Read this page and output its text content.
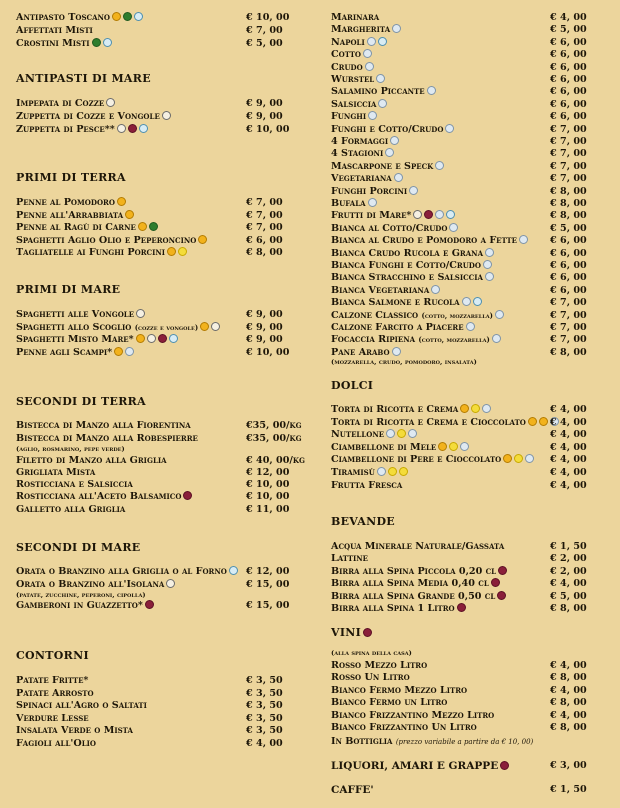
Antipasto Toscano	€ 10, 00
Affettati Misti	€ 7, 00
Crostini Misti	€ 5, 00
ANTIPASTI DI MARE
Impepata di Cozze	€ 9, 00
Zuppetta di Cozze e Vongole	€ 9, 00
Zuppetta di Pesce**	€ 10, 00
PRIMI DI TERRA
Penne al Pomodoro	€ 7, 00
Penne all'Arrabbiata	€ 7, 00
Penne al Ragù di Carne	€ 7, 00
Spaghetti Aglio Olio e Peperoncino	€ 6, 00
Tagliatelle ai Funghi Porcini	€ 8, 00
PRIMI DI MARE
Spaghetti alle Vongole	€ 9, 00
Spaghetti allo Scoglio (cozze e vongole)	€ 9, 00
Spaghetti Misto Mare*	€ 9, 00
Penne agli Scampi*	€ 10, 00
SECONDI DI TERRA
Bistecca di Manzo alla Fiorentina	€35, 00/kg
Bistecca di Manzo alla Robespierre	€35, 00/kg
Filetto di Manzo alla Griglia	€ 40, 00/kg
Grigliata Mista	€ 12, 00
Rosticciana e Salsiccia	€ 10, 00
Rosticciana all'Aceto Balsamico	€ 10, 00
Galletto alla Griglia	€ 11, 00
(aglio, rosmarino, pepe verde)
SECONDI DI MARE
Orata o Branzino alla Griglia o al Forno	€ 12, 00
Orata o Branzino all'Isolana	€ 15, 00
Gamberoni in Guazzetto*	€ 15, 00
(patate, zucchine, peperoni, cipolla)
CONTORNI
Patate Fritte*	€ 3, 50
Patate Arrosto	€ 3, 50
Spinaci all'Agro o Saltati	€ 3, 50
Verdure Lesse	€ 3, 50
Insalata Verde o Mista	€ 3, 50
Fagioli all'Olio	€ 4, 00
Marinara	€ 4, 00
Margherita	€ 5, 00
Napoli	€ 6, 00
Cotto	€ 6, 00
Crudo	€ 6, 00
Wurstel	€ 6, 00
Salamino Piccante	€ 6, 00
Salsiccia	€ 6, 00
Funghi	€ 6, 00
Funghi e Cotto/Crudo	€ 7, 00
4 Formaggi	€ 7, 00
4 Stagioni	€ 7, 00
Mascarpone e Speck	€ 7, 00
Vegetariana	€ 7, 00
Funghi Porcini	€ 8, 00
Bufala	€ 8, 00
Frutti di Mare*	€ 8, 00
Bianca al Cotto/Crudo	€ 5, 00
Bianca al Crudo e Pomodoro a Fette	€ 6, 00
Bianca Crudo Rucola e Grana	€ 6, 00
Bianca Funghi e Cotto/Crudo	€ 6, 00
Bianca Stracchino e Salsiccia	€ 6, 00
Bianca Vegetariana	€ 6, 00
Bianca Salmone e Rucola	€ 7, 00
Calzone Classico (cotto, mozzarella)	€ 7, 00
Calzone Farcito a Piacere	€ 7, 00
Focaccia Ripiena (cotto, mozzarella)	€ 7, 00
Pane Arabo	€ 8, 00
(mozzarella, crudo, pomodoro, insalata)
DOLCI
Torta di Ricotta e Crema	€ 4, 00
Torta di Ricotta e Crema e Cioccolato	€ 4, 00
Nutellone	€ 4, 00
Ciambellone di Mele	€ 4, 00
Ciambellone di Pere e Cioccolato	€ 4, 00
Tiramisù	€ 4, 00
Frutta Fresca	€ 4, 00
BEVANDE
Acqua Minerale Naturale/Gassata	€ 1, 50
Lattine	€ 2, 00
Birra alla Spina Piccola 0,20 cl	€ 2, 00
Birra alla Spina Media 0,40 cl	€ 4, 00
Birra alla Spina Grande 0,50 cl	€ 5, 00
Birra alla Spina 1 Litro	€ 8, 00
VINI
(alla spina della casa)
Rosso Mezzo Litro	€ 4, 00
Rosso Un Litro	€ 8, 00
Bianco Fermo Mezzo Litro	€ 4, 00
Bianco Fermo un Litro	€ 8, 00
Bianco Frizzantino Mezzo Litro	€ 4, 00
Bianco Frizzantino Un Litro	€ 8, 00
In Bottiglia (prezzo variabile a partire da € 10, 00)
LIQUORI, AMARI E GRAPPE	€ 3, 00
CAFFE'	€ 1, 50
